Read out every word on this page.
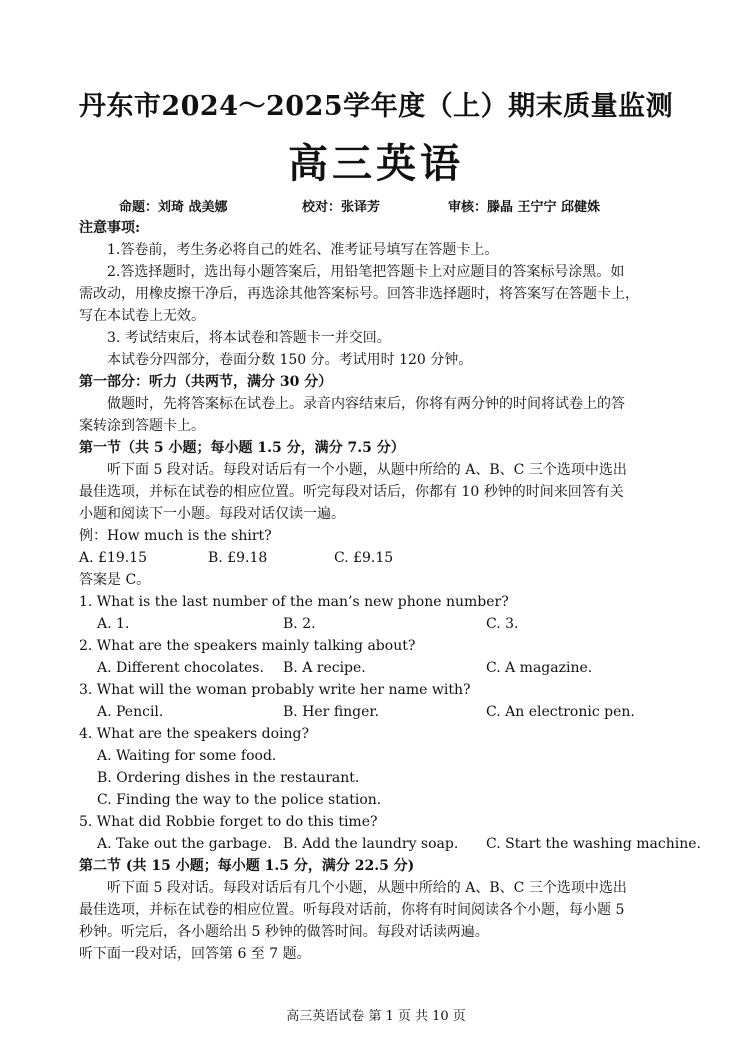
丹东市2024～2025学年度（上）期末质量监测
高三英语
命题：刘琦 战美娜	校对：张译芳	审核：滕晶 王宁宁 邱健姝
注意事项:
1.答卷前，考生务必将自己的姓名、准考证号填写在答题卡上。
2.答选择题时，选出每小题答案后，用铅笔把答题卡上对应题目的答案标号涂黑。如
需改动，用橡皮擦干净后，再选涂其他答案标号。回答非选择题时，将答案写在答题卡上，
写在本试卷上无效。
3. 考试结束后，将本试卷和答题卡一并交回。
本试卷分四部分，卷面分数 150 分。考试用时 120 分钟。
第一部分：听力（共两节，满分 30 分）
做题时，先将答案标在试卷上。录音内容结束后，你将有两分钟的时间将试卷上的答
案转涂到答题卡上。
第一节（共 5 小题；每小题 1.5 分，满分 7.5 分）
听下面 5 段对话。每段对话后有一个小题，从题中所给的 A、B、C 三个选项中选出
最佳选项，并标在试卷的相应位置。听完每段对话后，你都有 10 秒钟的时间来回答有关
小题和阅读下一小题。每段对话仅读一遍。
例：How much is the shirt?
A. £19.15	B. £9.18	C. £9.15
答案是 C。
1. What is the last number of the man’s new phone number?
A. 1.	B. 2.	C. 3.
2. What are the speakers mainly talking about?
A. Different chocolates. B. A recipe.	C. A magazine.
3. What will the woman probably write her name with?
A. Pencil.	B. Her finger.	C. An electronic pen.
4. What are the speakers doing?
A. Waiting for some food.
B. Ordering dishes in the restaurant.
C. Finding the way to the police station.
5. What did Robbie forget to do this time?
A. Take out the garbage. B. Add the laundry soap. C. Start the washing machine.
第二节 (共 15 小题；每小题 1.5 分，满分 22.5 分)
听下面 5 段对话。每段对话后有几个小题，从题中所给的 A、B、C 三个选项中选出
最佳选项，并标在试卷的相应位置。听每段对话前，你将有时间阅读各个小题，每小题 5
秒钟。听完后，各小题给出 5 秒钟的做答时间。每段对话读两遍。
听下面一段对话，回答第 6 至 7 题。
高三英语试卷 第 1 页 共 10 页
